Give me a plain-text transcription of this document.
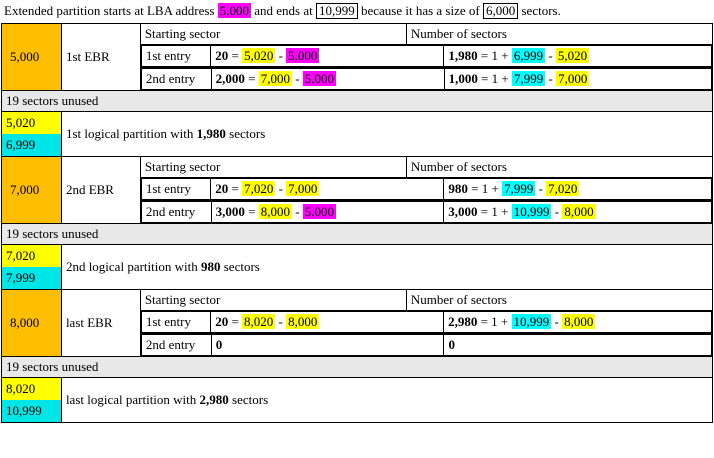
Extended partition starts at LBA address 5,000 and ends at 10,999 because it has a size of 6,000 sectors.
5,000	1st EBR	Starting sector	Number of sectors

1st entry	20 = 5,020 - 5,000	1,980 = 1 + 6,999 - 5,020

2nd entry	2,000 = 7,000 - 5,000	1,000 = 1 + 7,999 - 7,000

19 sectors unused

5,020
6,999
	1st logical partition with 1,980 sectors

7,000	2nd EBR	Starting sector	Number of sectors

1st entry	20 = 7,020 - 7,000	980 = 1 + 7,999 - 7,020

2nd entry	3,000 = 8,000 - 5,000	3,000 = 1 + 10,999 - 8,000

19 sectors unused

7,020
7,999
	2nd logical partition with 980 sectors

8,000	last EBR	Starting sector	Number of sectors

1st entry	20 = 8,020 - 8,000	2,980 = 1 + 10,999 - 8,000

2nd entry	0	0

19 sectors unused

8,020
10,999
	last logical partition with 2,980 sectors
